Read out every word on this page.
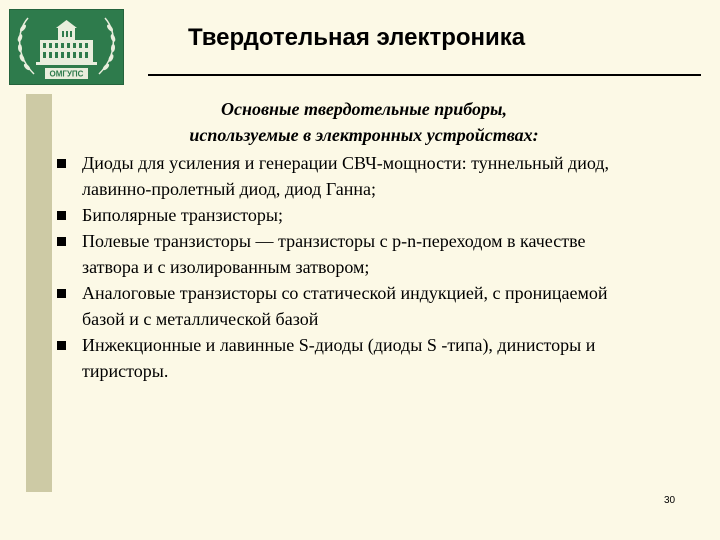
ОМГУПС
Твердотельная электроника
Основные твердотельные приборы,
используемые в электронных устройствах:
Диоды для усиления и генерации СВЧ-мощности: туннельный диод,
лавинно-пролетный диод, диод Ганна;
Биполярные транзисторы;
Полевые транзисторы — транзисторы с p-n-переходом в качестве
затвора и с изолированным затвором;
Аналоговые транзисторы со статической индукцией, с проницаемой
базой и с металлической базой
Инжекционные и лавинные S-диоды (диоды S -типа), динисторы и
тиристоры.
30
